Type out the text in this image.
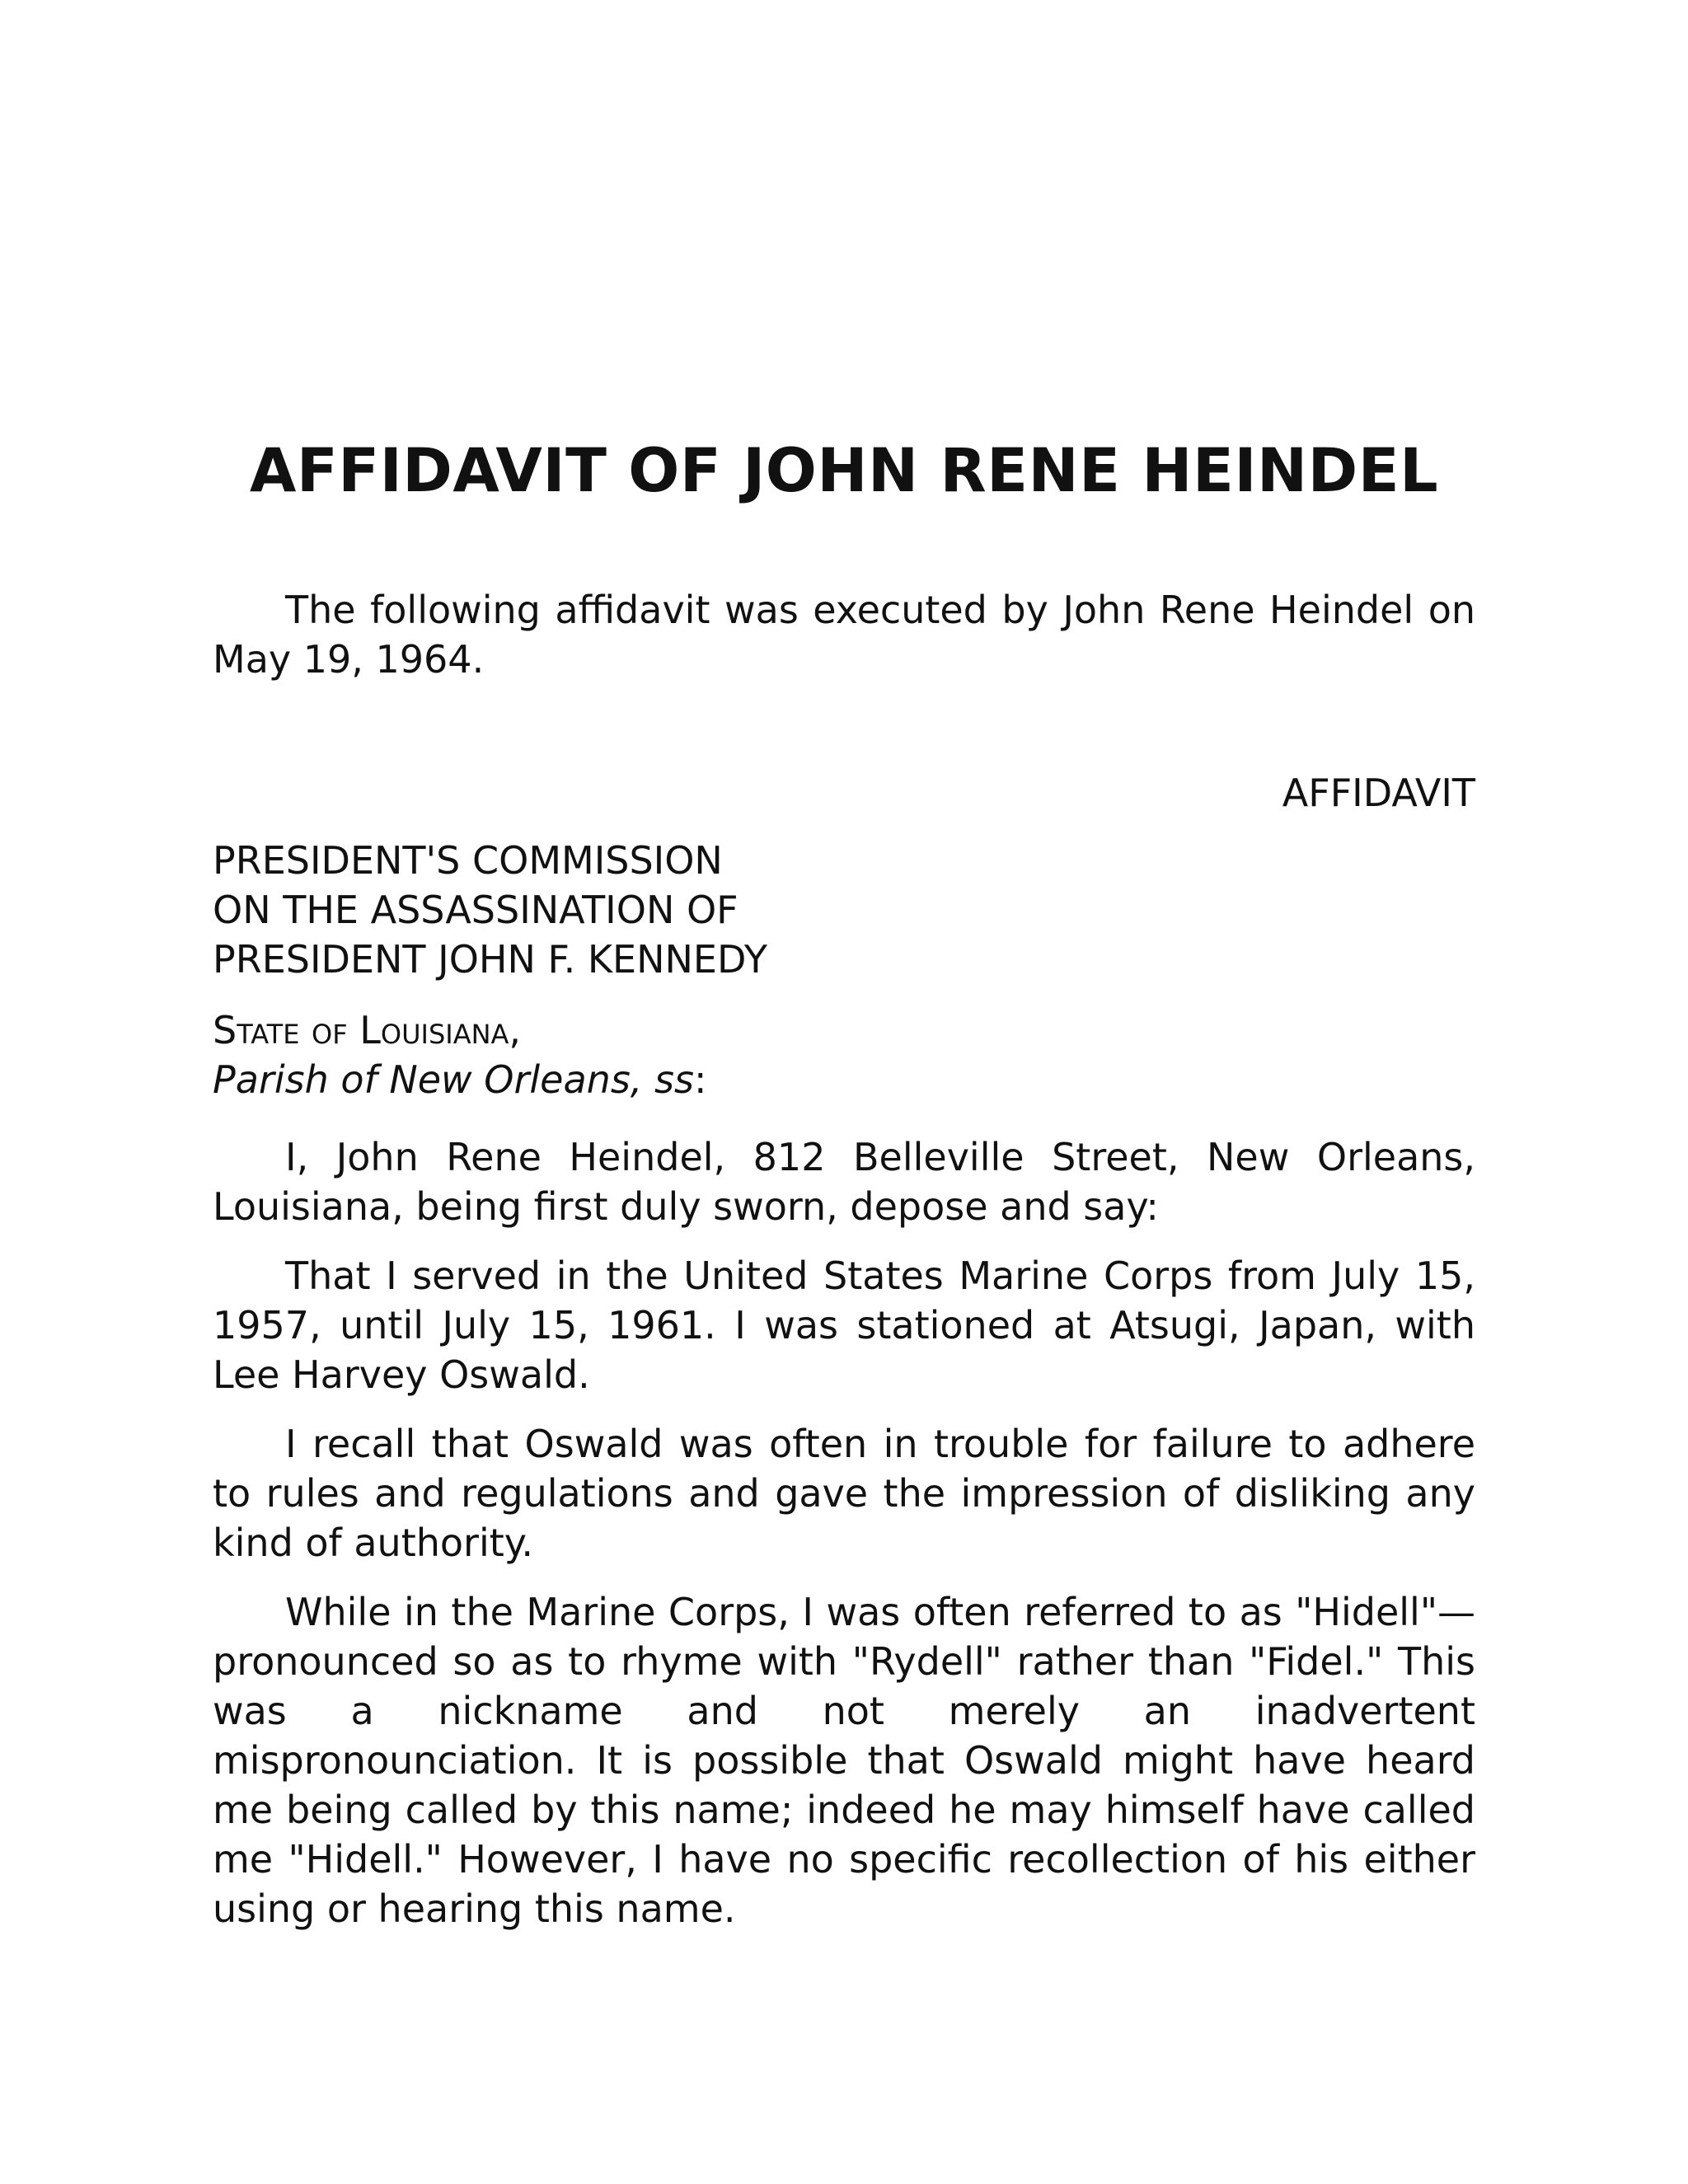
AFFIDAVIT OF JOHN RENE HEINDEL

The following affidavit was executed by John Rene Heindel on May 19, 1964.

AFFIDAVIT

PRESIDENT'S COMMISSION
ON THE ASSASSINATION OF
PRESIDENT JOHN F. KENNEDY

State of Louisiana,
Parish of New Orleans, ss:

I, John Rene Heindel, 812 Belleville Street, New Orleans, Louisiana, being first duly sworn, depose and say:

That I served in the United States Marine Corps from July 15, 1957, until July 15, 1961. I was stationed at Atsugi, Japan, with Lee Harvey Oswald.

I recall that Oswald was often in trouble for failure to adhere to rules and regulations and gave the impression of disliking any kind of authority.

While in the Marine Corps, I was often referred to as "Hidell"—pronounced so as to rhyme with "Rydell" rather than "Fidel." This was a nickname and not merely an inadvertent mispronounciation. It is possible that Oswald might have heard me being called by this name; indeed he may himself have called me "Hidell." However, I have no specific recollection of his either using or hearing this name.
